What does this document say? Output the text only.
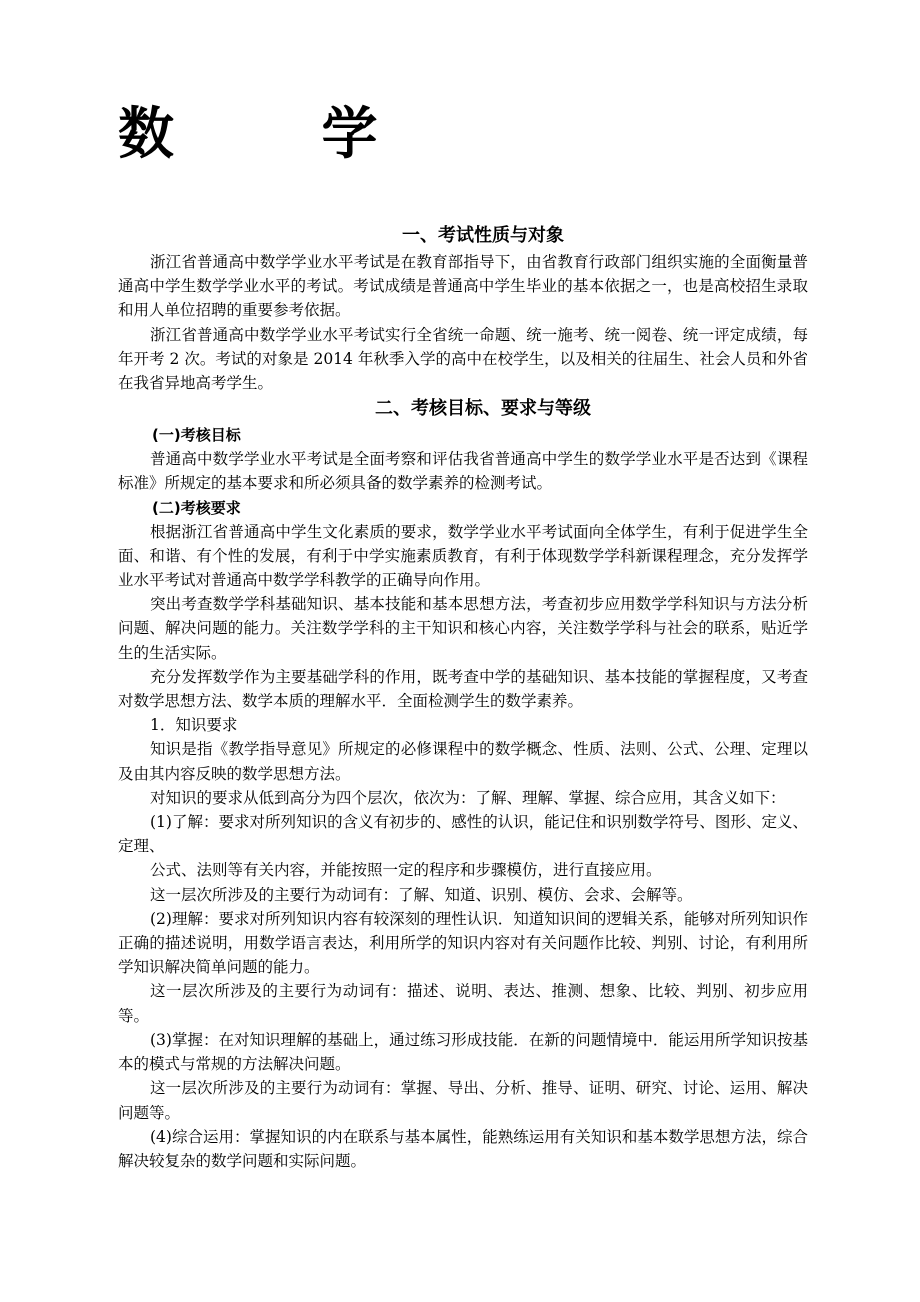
数 学
一、考试性质与对象

浙江省普通高中数学学业水平考试是在教育部指导下，由省教育行政部门组织实施的全面衡量普通高中学生数学学业水平的考试。考试成绩是普通高中学生毕业的基本依据之一，也是高校招生录取和用人单位招聘的重要参考依据。

浙江省普通高中数学学业水平考试实行全省统一命题、统一施考、统一阅卷、统一评定成绩，每年开考 2 次。考试的对象是 2014 年秋季入学的高中在校学生，以及相关的往届生、社会人员和外省在我省异地高考学生。

二、考核目标、要求与等级

(一)考核目标

普通高中数学学业水平考试是全面考察和评估我省普通高中学生的数学学业水平是否达到《课程标准》所规定的基本要求和所必须具备的数学素养的检测考试。

(二)考核要求

根据浙江省普通高中学生文化素质的要求，数学学业水平考试面向全体学生，有利于促进学生全面、和谐、有个性的发展，有利于中学实施素质教育，有利于体现数学学科新课程理念，充分发挥学业水平考试对普通高中数学学科教学的正确导向作用。

突出考查数学学科基础知识、基本技能和基本思想方法，考查初步应用数学学科知识与方法分析问题、解决问题的能力。关注数学学科的主干知识和核心内容，关注数学学科与社会的联系，贴近学生的生活实际。

充分发挥数学作为主要基础学科的作用，既考查中学的基础知识、基本技能的掌握程度，又考查对数学思想方法、数学本质的理解水平．全面检测学生的数学素养。

1．知识要求

知识是指《教学指导意见》所规定的必修课程中的数学概念、性质、法则、公式、公理、定理以及由其内容反映的数学思想方法。

对知识的要求从低到高分为四个层次，依次为：了解、理解、掌握、综合应用，其含义如下：

(1)了解：要求对所列知识的含义有初步的、感性的认识，能记住和识别数学符号、图形、定义、定理、

公式、法则等有关内容，并能按照一定的程序和步骤模仿，进行直接应用。

这一层次所涉及的主要行为动词有：了解、知道、识别、模仿、会求、会解等。

(2)理解：要求对所列知识内容有较深刻的理性认识．知道知识间的逻辑关系，能够对所列知识作正确的描述说明，用数学语言表达，利用所学的知识内容对有关问题作比较、判别、讨论，有利用所学知识解决简单问题的能力。

这一层次所涉及的主要行为动词有：描述、说明、表达、推测、想象、比较、判别、初步应用等。

(3)掌握：在对知识理解的基础上，通过练习形成技能．在新的问题情境中．能运用所学知识按基本的模式与常规的方法解决问题。

这一层次所涉及的主要行为动词有：掌握、导出、分析、推导、证明、研究、讨论、运用、解决问题等。

(4)综合运用：掌握知识的内在联系与基本属性，能熟练运用有关知识和基本数学思想方法，综合解决较复杂的数学问题和实际问题。
